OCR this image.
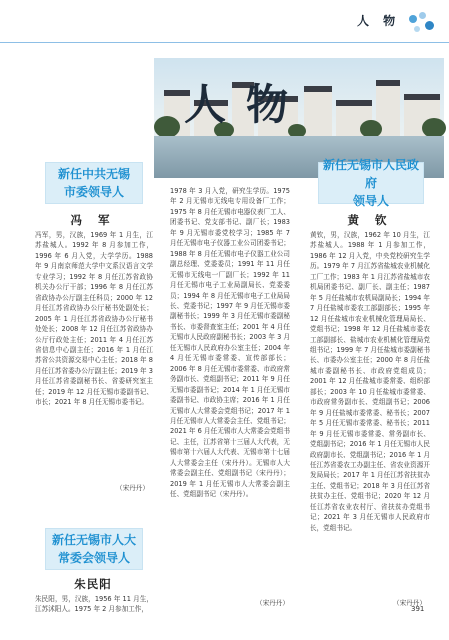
人 物
人物
新任中共无锡
市委领导人
冯 军
冯军，男，汉族，1969 年 1 月生，江苏盐城人。1992 年 8 月参加工作，1996 年 6 月入党，大学学历。1988 年 9 月南京师范大学中文系汉语言文学专业学习；1992 年 8 月任江苏省政协机关办公厅干部；1996 年 8 月任江苏省政协办公厅副主任科员；2000 年 12 月任江苏省政协办公厅秘书处副处长；2005 年 1 月任江苏省政协办公厅秘书处处长；2008 年 12 月任江苏省政协办公厅行政处主任；2011 年 4 月任江苏省信息中心副主任；2016 年 1 月任江苏省公共资源交易中心主任；2018 年 8 月任江苏省委办公厅副主任；2019 年 3 月任江苏省委副秘书长、省委研究室主任；2019 年 12 月任无锡市委副书记、市长；2021 年 8 月任无锡市委书记。
（宋丹丹）
新任无锡市人大
常委会领导人
朱民阳
朱民阳，男，汉族，1956 年 11 月生，江苏沭阳人。1975 年 2 月参加工作，
1978 年 3 月入党，研究生学历。1975 年 2 月无锡市无线电专用设备厂工作；1975 年 8 月任无锡市电器仪表厂工人、团委书记、党支部书记、副厂长；1983 年 9 月无锡市委党校学习；1985 年 7 月任无锡市电子仪器工业公司团委书记；1988 年 8 月任无锡市电子仪器工业公司副总经理、党委委员；1991 年 11 月任无锡市无线电一厂副厂长；1992 年 11 月任无锡市电子工业局副局长、党委委员；1994 年 8 月任无锡市电子工业局局长、党委书记；1997 年 9 月任无锡市委副秘书长；1999 年 3 月任无锡市委副秘书长、市委督查室主任；2001 年 4 月任无锡市人民政府副秘书长；2003 年 3 月任无锡市人民政府办公室主任；2004 年 4 月任无锡市委常委、宣传部部长；2006 年 8 月任无锡市委常委、市政府常务副市长、党组副书记；2011 年 9 月任无锡市委副书记；2014 年 1 月任无锡市委副书记、市政协主席；2016 年 1 月任无锡市人大常委会党组书记；2017 年 1 月任无锡市人大常委会主任、党组书记；2021 年 6 月任无锡市人大常委会党组书记、主任，江苏省第十三届人大代表，无锡市第十六届人大代表、无锡市第十七届人大常委会主任（宋丹丹）。无锡市人大常委会副主任、党组副书记（宋丹丹）；2019 年 1 月任无锡市人大常委会副主任、党组副书记（宋丹丹）。
（宋丹丹）
新任无锡市人民政府
领导人
黄 钦
黄钦，男，汉族，1962 年 10 月生，江苏盐城人。1988 年 1 月参加工作，1986 年 12 月入党，中央党校研究生学历。1979 年 7 月江苏省盐城农业机械化工厂工作；1983 年 1 月江苏省盐城市农机局团委书记、副厂长、副主任；1987 年 5 月任盐城市农机局副局长；1994 年 7 月任盐城市委农工部副部长；1995 年 12 月任盐城市农业机械化管理局局长、党组书记；1998 年 12 月任盐城市委农工部副部长、盐城市农业机械化管理局党组书记；1999 年 7 月任盐城市委副秘书长、市委办公室主任；2000 年 8 月任盐城市委副秘书长、市政府党组成员；2001 年 12 月任盐城市委常委、组织部部长；2003 年 10 月任盐城市委常委、市政府常务副市长、党组副书记；2006 年 9 月任盐城市委常委、秘书长；2007 年 5 月任无锡市委常委、秘书长；2011 年 9 月任无锡市委常委、常务副市长、党组副书记；2016 年 1 月任无锡市人民政府副市长、党组副书记；2016 年 1 月任江苏省委农工办副主任、省农业资源开发局局长；2017 年 1 月任江苏省扶贫办主任、党组书记；2018 年 3 月任江苏省扶贫办主任、党组书记；2020 年 12 月任江苏省农业农村厅、省扶贫办党组书记；2021 年 3 月任无锡市人民政府市长，党组书记。
（宋丹丹）
391
